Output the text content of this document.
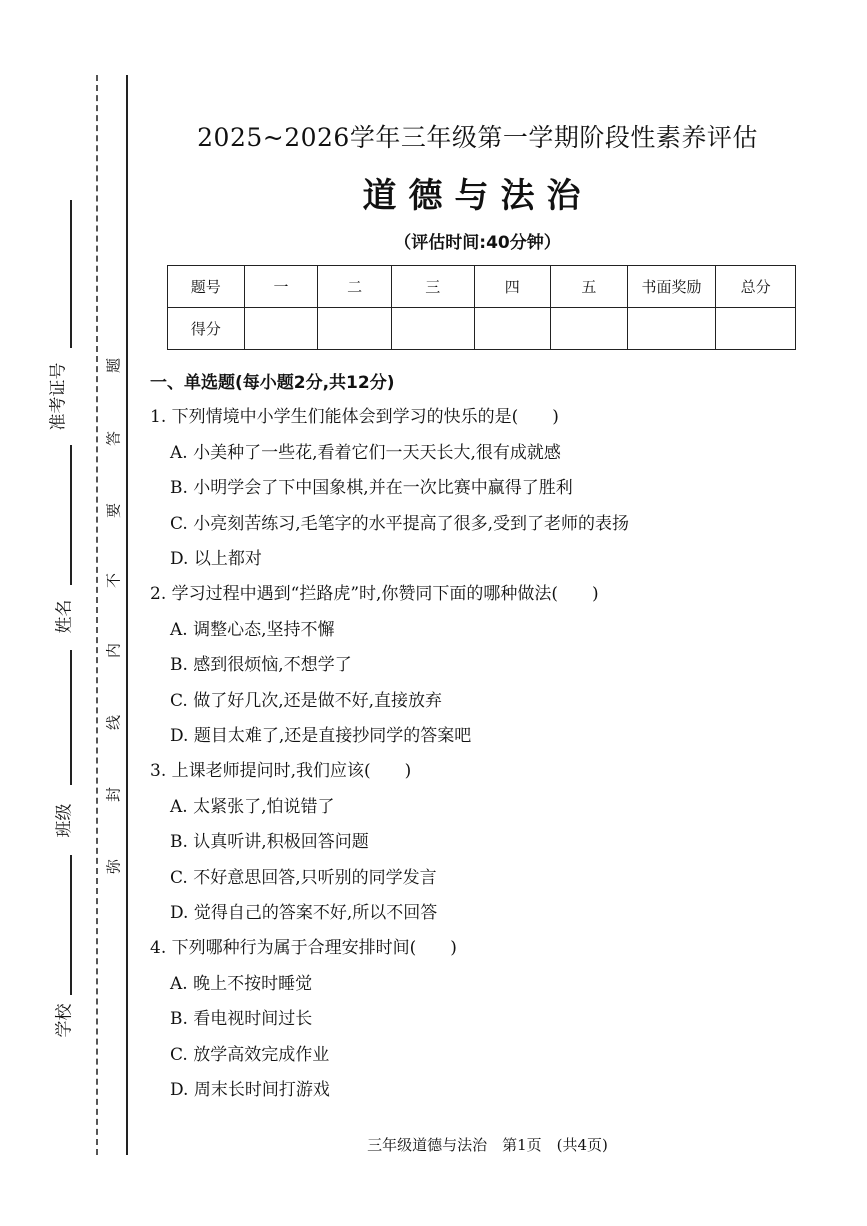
准考证号
姓名
班级
学校
题
答
要
不
内
线
封
弥
2025~2026学年三年级第一学期阶段性素养评估
道德与法治
（评估时间:40分钟）
题号	一	二	三	四	五	书面奖励	总分
得分							
一、单选题(每小题2分,共12分)
1. 下列情境中小学生们能体会到学习的快乐的是(　　)
A. 小美种了一些花,看着它们一天天长大,很有成就感
B. 小明学会了下中国象棋,并在一次比赛中赢得了胜利
C. 小亮刻苦练习,毛笔字的水平提高了很多,受到了老师的表扬
D. 以上都对
2. 学习过程中遇到“拦路虎”时,你赞同下面的哪种做法(　　)
A. 调整心态,坚持不懈
B. 感到很烦恼,不想学了
C. 做了好几次,还是做不好,直接放弃
D. 题目太难了,还是直接抄同学的答案吧
3. 上课老师提问时,我们应该(　　)
A. 太紧张了,怕说错了
B. 认真听讲,积极回答问题
C. 不好意思回答,只听别的同学发言
D. 觉得自己的答案不好,所以不回答
4. 下列哪种行为属于合理安排时间(　　)
A. 晚上不按时睡觉
B. 看电视时间过长
C. 放学高效完成作业
D. 周末长时间打游戏
三年级道德与法治　第1页　(共4页)
